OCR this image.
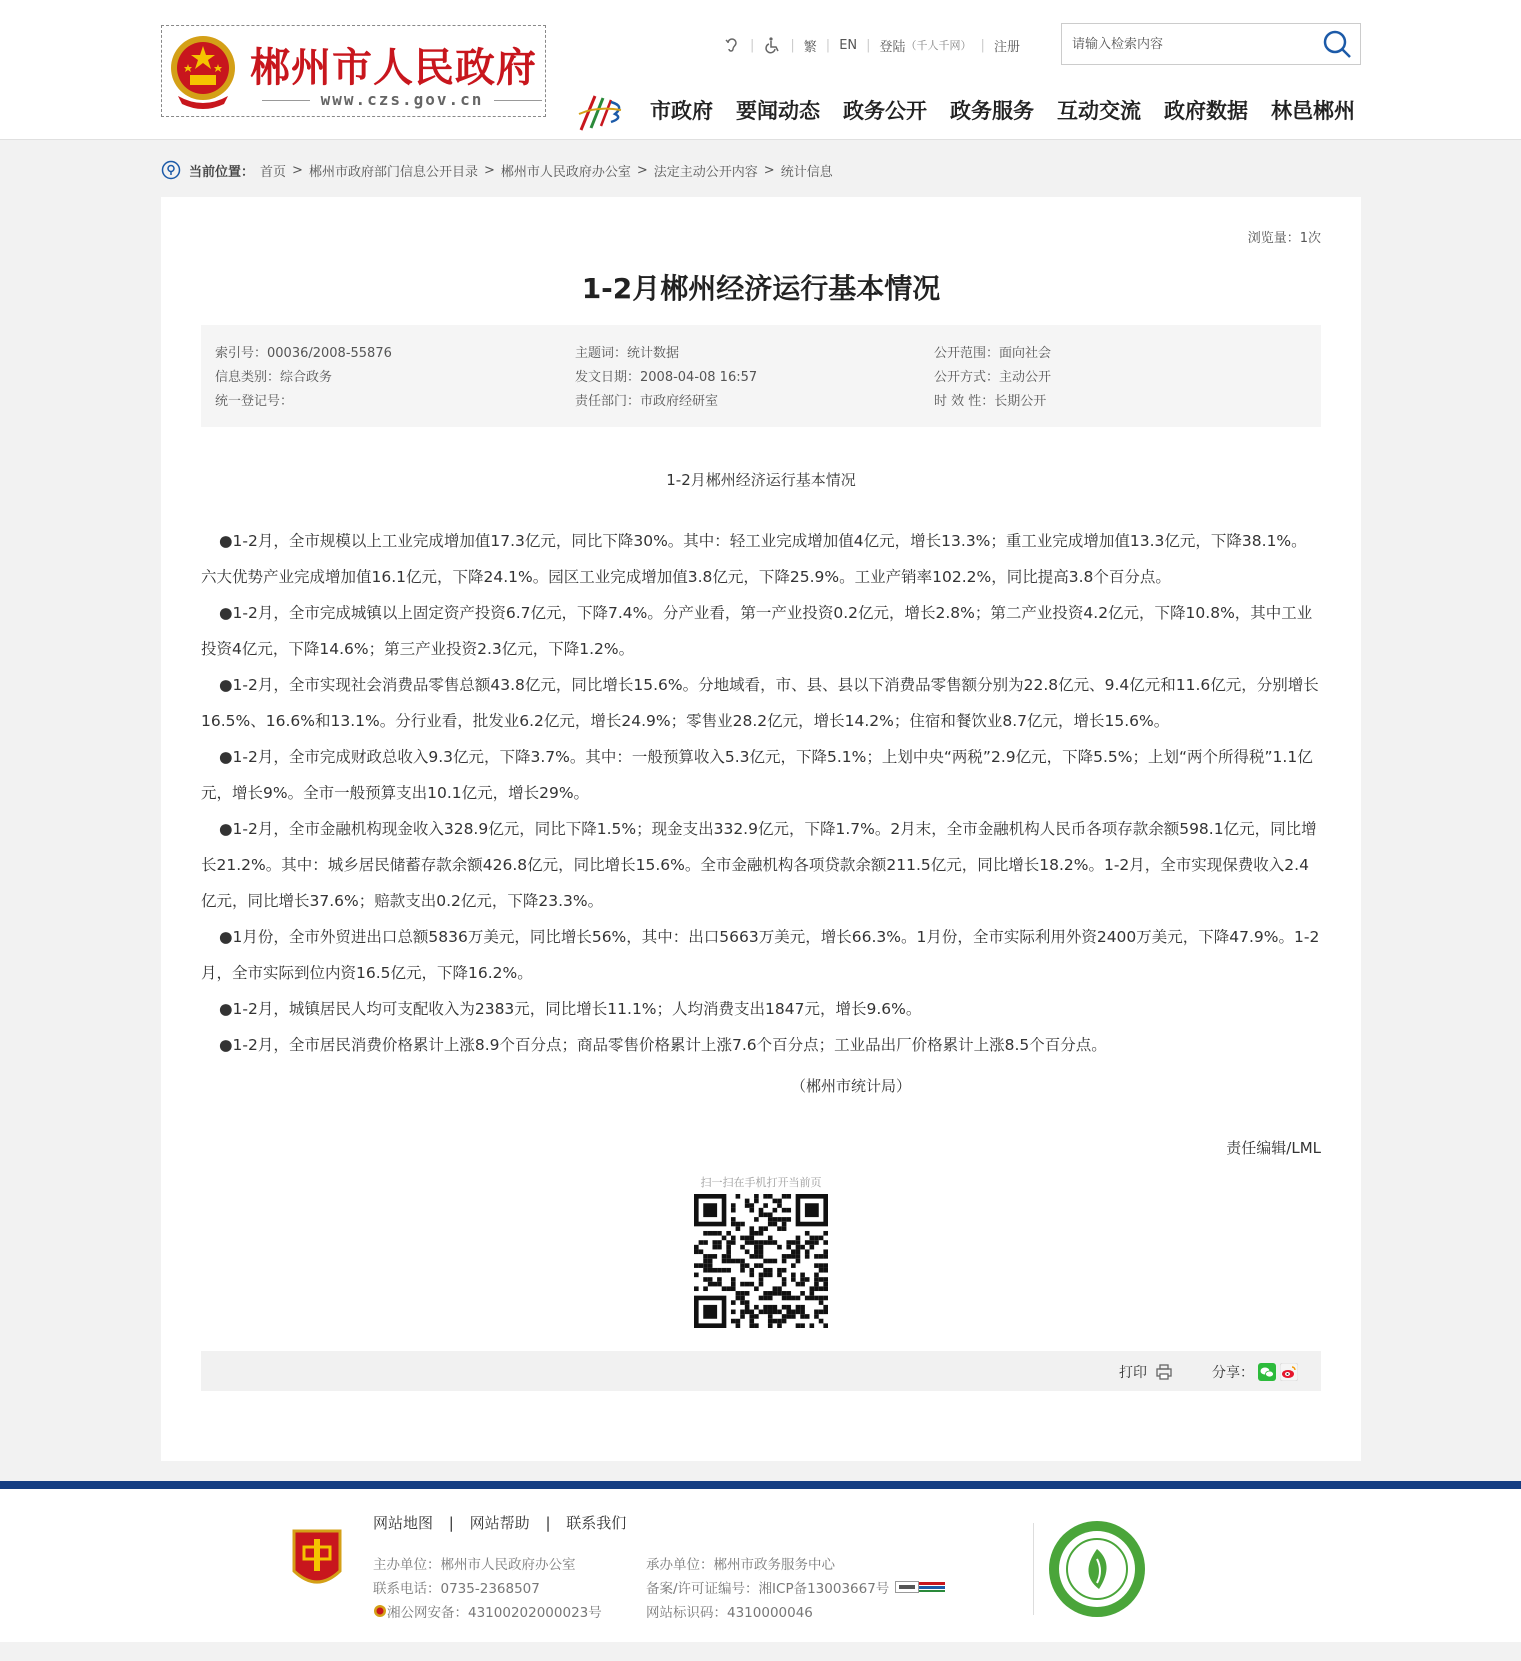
郴州市人民政府
www.czs.gov.cn
|	| 繁 | EN | 登陆 （千人千网） | 注册
请输入检索内容
市政府 要闻动态 政务公开 政务服务 互动交流 政府数据 林邑郴州
当前位置： 首页 > 郴州市政府部门信息公开目录 > 郴州市人民政府办公室 > 法定主动公开内容 > 统计信息
浏览量：1次
1-2月郴州经济运行基本情况
索引号：00036/2008-55876
信息类别：综合政务
统一登记号：
主题词：统计数据
发文日期：2008-04-08 16:57
责任部门：市政府经研室
公开范围：面向社会
公开方式：主动公开
时 效 性：长期公开
1-2月郴州经济运行基本情况

●1-2月，全市规模以上工业完成增加值17.3亿元，同比下降30%。其中：轻工业完成增加值4亿元，增长13.3%；重工业完成增加值13.3亿元，下降38.1%。六大优势产业完成增加值16.1亿元，下降24.1%。园区工业完成增加值3.8亿元，下降25.9%。工业产销率102.2%，同比提高3.8个百分点。

●1-2月，全市完成城镇以上固定资产投资6.7亿元，下降7.4%。分产业看，第一产业投资0.2亿元，增长2.8%；第二产业投资4.2亿元，下降10.8%，其中工业投资4亿元，下降14.6%；第三产业投资2.3亿元，下降1.2%。

●1-2月，全市实现社会消费品零售总额43.8亿元，同比增长15.6%。分地域看，市、县、县以下消费品零售额分别为22.8亿元、9.4亿元和11.6亿元，分别增长16.5%、16.6%和13.1%。分行业看，批发业6.2亿元，增长24.9%；零售业28.2亿元，增长14.2%；住宿和餐饮业8.7亿元，增长15.6%。

●1-2月，全市完成财政总收入9.3亿元，下降3.7%。其中：一般预算收入5.3亿元，下降5.1%；上划中央“两税”2.9亿元，下降5.5%；上划“两个所得税”1.1亿元，增长9%。全市一般预算支出10.1亿元，增长29%。

●1-2月，全市金融机构现金收入328.9亿元，同比下降1.5%；现金支出332.9亿元，下降1.7%。2月末，全市金融机构人民币各项存款余额598.1亿元，同比增长21.2%。其中：城乡居民储蓄存款余额426.8亿元，同比增长15.6%。全市金融机构各项贷款余额211.5亿元，同比增长18.2%。1-2月，全市实现保费收入2.4亿元，同比增长37.6%；赔款支出0.2亿元，下降23.3%。

●1月份，全市外贸进出口总额5836万美元，同比增长56%，其中：出口5663万美元，增长66.3%。1月份，全市实际利用外资2400万美元，下降47.9%。1-2月，全市实际到位内资16.5亿元，下降16.2%。

●1-2月，城镇居民人均可支配收入为2383元，同比增长11.1%；人均消费支出1847元，增长9.6%。

●1-2月，全市居民消费价格累计上涨8.9个百分点；商品零售价格累计上涨7.6个百分点；工业品出厂价格累计上涨8.5个百分点。

（郴州市统计局）
责任编辑/LML
扫一扫在手机打开当前页
打印	分享：
网站地图 | 网站帮助 | 联系我们
主办单位：郴州市人民政府办公室
联系电话：0735-2368507
湘公网安备：43100202000023号
承办单位：郴州市政务服务中心
备案/许可证编号：湘ICP备13003667号
网站标识码：4310000046
